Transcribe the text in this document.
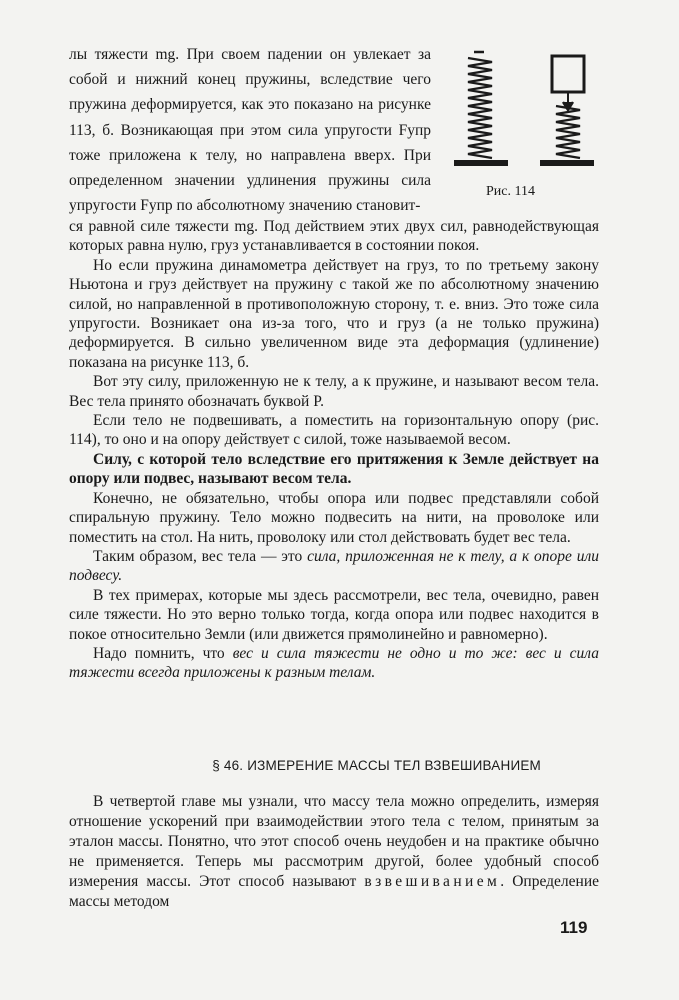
лы тяжести mg. При своем падении он увлекает за собой и нижний конец пружины, вследствие чего пружина деформируется, как это показано на рисунке 113, б. Возникающая при этом сила упругости Fупр тоже приложена к телу, но направлена вверх. При определенном значении удлинения пружины сила упругости Fупр по абсолютному значению становит-

Рис. 114

ся равной силе тяжести mg. Под действием этих двух сил, равнодействующая которых равна нулю, груз устанавливается в состоянии покоя.

Но если пружина динамометра действует на груз, то по третьему закону Ньютона и груз действует на пружину с такой же по абсолютному значению силой, но направленной в противоположную сторону, т. е. вниз. Это тоже сила упругости. Возникает она из-за того, что и груз (а не только пружина) деформируется. В сильно увеличенном виде эта деформация (удлинение) показана на рисунке 113, б.

Вот эту силу, приложенную не к телу, а к пружине, и называют весом тела. Вес тела принято обозначать буквой P.

Если тело не подвешивать, а поместить на горизонтальную опору (рис. 114), то оно и на опору действует с силой, тоже называемой весом.

Силу, с которой тело вследствие его притяжения к Земле действует на опору или подвес, называют весом тела.

Конечно, не обязательно, чтобы опора или подвес представляли собой спиральную пружину. Тело можно подвесить на нити, на проволоке или поместить на стол. На нить, проволоку или стол действовать будет вес тела.

Таким образом, вес тела — это сила, приложенная не к телу, а к опоре или подвесу.

В тех примерах, которые мы здесь рассмотрели, вес тела, очевидно, равен силе тяжести. Но это верно только тогда, когда опора или подвес находится в покое относительно Земли (или движется прямолинейно и равномерно).

Надо помнить, что вес и сила тяжести не одно и то же: вес и сила тяжести всегда приложены к разным телам.

§ 46. ИЗМЕРЕНИЕ МАССЫ ТЕЛ ВЗВЕШИВАНИЕМ

В четвертой главе мы узнали, что массу тела можно определить, измеряя отношение ускорений при взаимодействии этого тела с телом, принятым за эталон массы. Понятно, что этот способ очень неудобен и на практике обычно не применяется. Теперь мы рассмотрим другой, более удобный способ измерения массы. Этот способ называют взвешиванием. Определение массы методом

119
